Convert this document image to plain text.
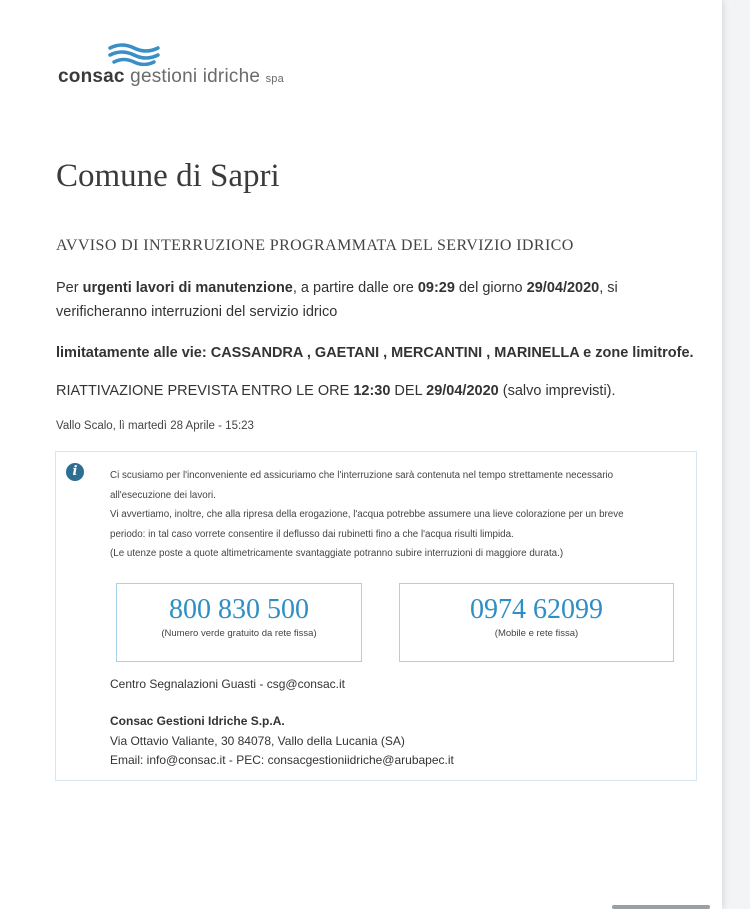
consac gestioni idriche spa
Comune di Sapri
AVVISO DI INTERRUZIONE PROGRAMMATA DEL SERVIZIO IDRICO
Per urgenti lavori di manutenzione, a partire dalle ore 09:29 del giorno 29/04/2020, si verificheranno interruzioni del servizio idrico
limitatamente alle vie: CASSANDRA , GAETANI , MERCANTINI , MARINELLA e zone limitrofe.
RIATTIVAZIONE PREVISTA ENTRO LE ORE 12:30 DEL 29/04/2020 (salvo imprevisti).
Vallo Scalo, lì martedì 28 Aprile - 15:23
i	Ci scusiamo per l'inconveniente ed assicuriamo che l'interruzione sarà contenuta nel tempo strettamente necessario
all'esecuzione dei lavori.
Vi avvertiamo, inoltre, che alla ripresa della erogazione, l'acqua potrebbe assumere una lieve colorazione per un breve
periodo: in tal caso vorrete consentire il deflusso dai rubinetti fino a che l'acqua risulti limpida.
(Le utenze poste a quote altimetricamente svantaggiate potranno subire interruzioni di maggiore durata.)
800 830 500
(Numero verde gratuito da rete fissa)
0974 62099
(Mobile e rete fissa)
Centro Segnalazioni Guasti - csg@consac.it
Consac Gestioni Idriche S.p.A.
Via Ottavio Valiante, 30 84078, Vallo della Lucania (SA)
Email: info@consac.it - PEC: consacgestioniidriche@arubapec.it
